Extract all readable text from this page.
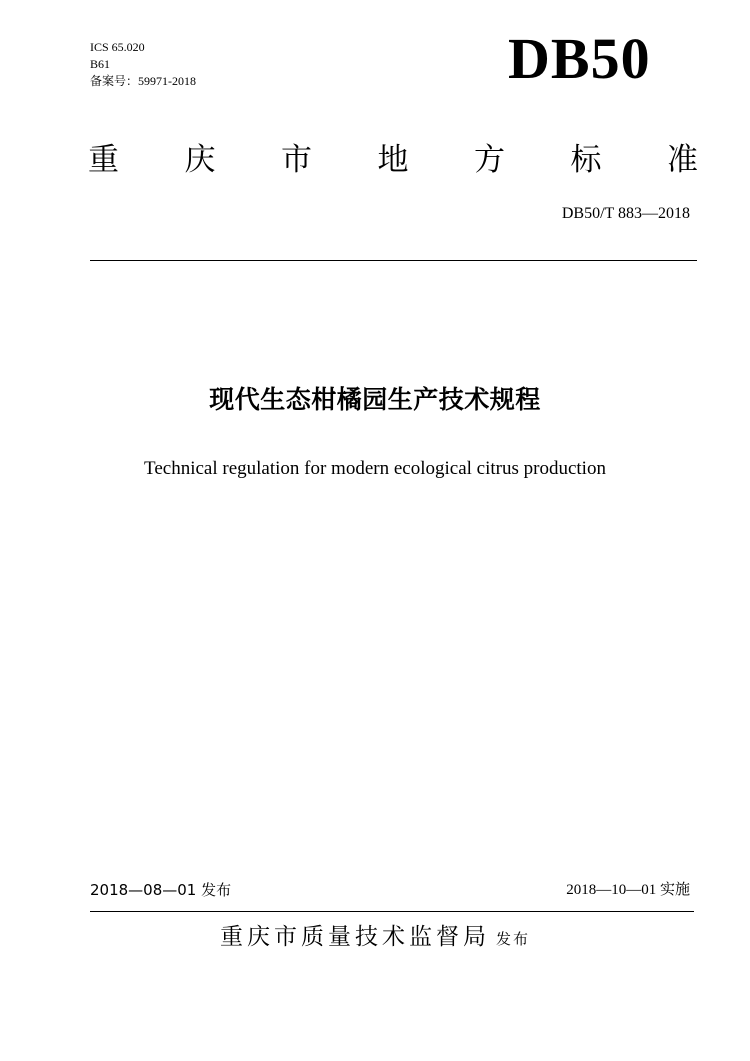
ICS 65.020
B61
备案号：59971-2018	DB50
重 庆 市 地 方 标 准
DB50/T 883—2018
现代生态柑橘园生产技术规程
Technical regulation for modern ecological citrus production
2018—08—01 发布	2018—10—01 实施
重庆市质量技术监督局 发布
